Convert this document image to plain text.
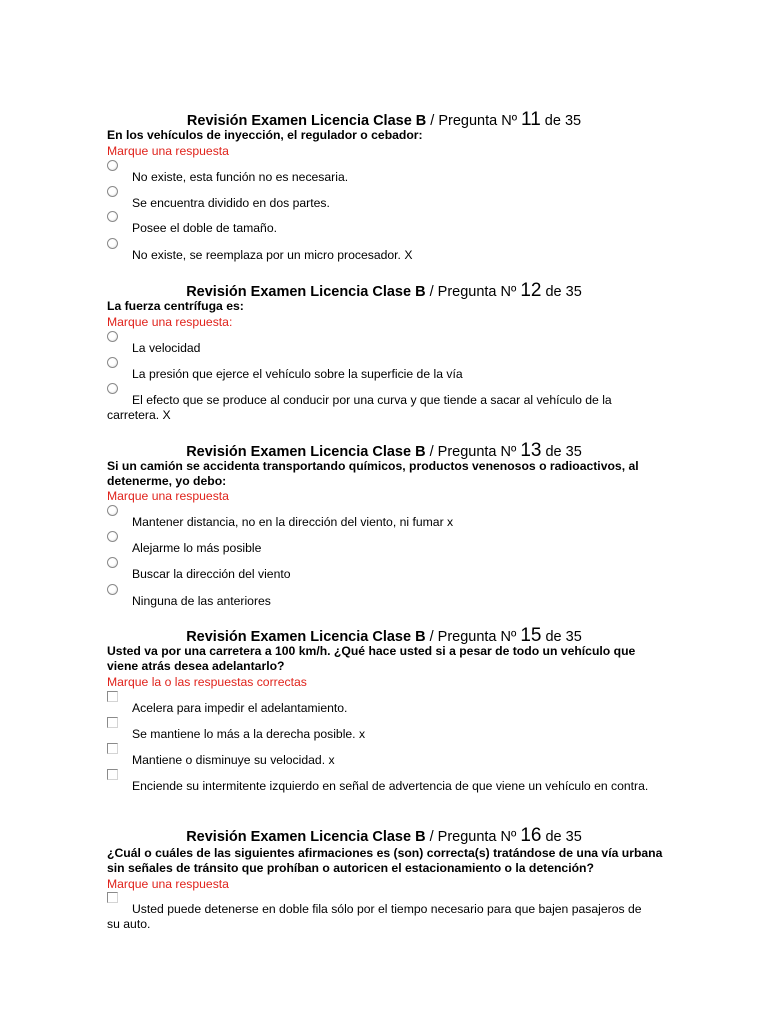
Revisión Examen Licencia Clase B / Pregunta Nº 11 de 35
En los vehículos de inyección, el regulador o cebador:
Marque una respuesta
No existe, esta función no es necesaria.
Se encuentra dividido en dos partes.
Posee el doble de tamaño.
No existe, se reemplaza por un micro procesador. X
Revisión Examen Licencia Clase B / Pregunta Nº 12 de 35
La fuerza centrífuga es:
Marque una respuesta:
La velocidad
La presión que ejerce el vehículo sobre la superficie de la vía
El efecto que se produce al conducir por una curva y que tiende a sacar al vehículo de la carretera. X
Revisión Examen Licencia Clase B / Pregunta Nº 13 de 35
Si un camión se accidenta transportando químicos, productos venenosos o radioactivos, al detenerme, yo debo:
Marque una respuesta
Mantener distancia, no en la dirección del viento, ni fumar x
Alejarme lo más posible
Buscar la dirección del viento
Ninguna de las anteriores
Revisión Examen Licencia Clase B / Pregunta Nº 15 de 35
Usted va por una carretera a 100 km/h. ¿Qué hace usted si a pesar de todo un vehículo que viene atrás desea adelantarlo?
Marque la o las respuestas correctas
Acelera para impedir el adelantamiento.
Se mantiene lo más a la derecha posible. x
Mantiene o disminuye su velocidad. x
Enciende su intermitente izquierdo en señal de advertencia de que viene un vehículo en contra.
Revisión Examen Licencia Clase B / Pregunta Nº 16 de 35
¿Cuál o cuáles de las siguientes afirmaciones es (son) correcta(s) tratándose de una vía urbana sin señales de tránsito que prohíban o autoricen el estacionamiento o la detención?
Marque una respuesta
Usted puede detenerse en doble fila sólo por el tiempo necesario para que bajen pasajeros de su auto.
